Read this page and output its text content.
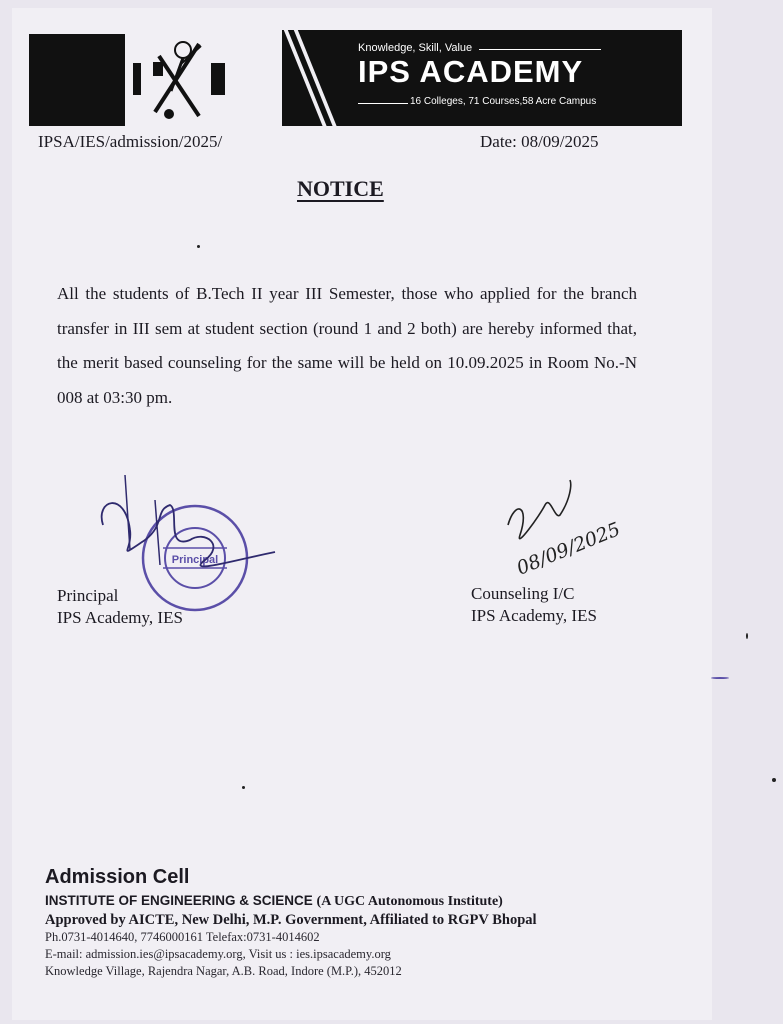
Knowledge, Skill, Value
IPS ACADEMY
16 Colleges, 71 Courses,58 Acre Campus
IPSA/IES/admission/2025/	Date: 08/09/2025
NOTICE
All the students of B.Tech II year III Semester, those who applied for the branch transfer in III sem at student section (round 1 and 2 both) are hereby informed that, the merit based counseling for the same will be held on 10.09.2025 in Room No.-N 008 at 03:30 pm.
Principal	08/09/2025
Principal
IPS Academy, IES
Counseling I/C
IPS Academy, IES
Admission Cell
INSTITUTE OF ENGINEERING & SCIENCE (A UGC Autonomous Institute)
Approved by AICTE, New Delhi, M.P. Government, Affiliated to RGPV Bhopal
Ph.0731-4014640, 7746000161 Telefax:0731-4014602
E-mail: admission.ies@ipsacademy.org, Visit us : ies.ipsacademy.org
Knowledge Village, Rajendra Nagar, A.B. Road, Indore (M.P.), 452012
